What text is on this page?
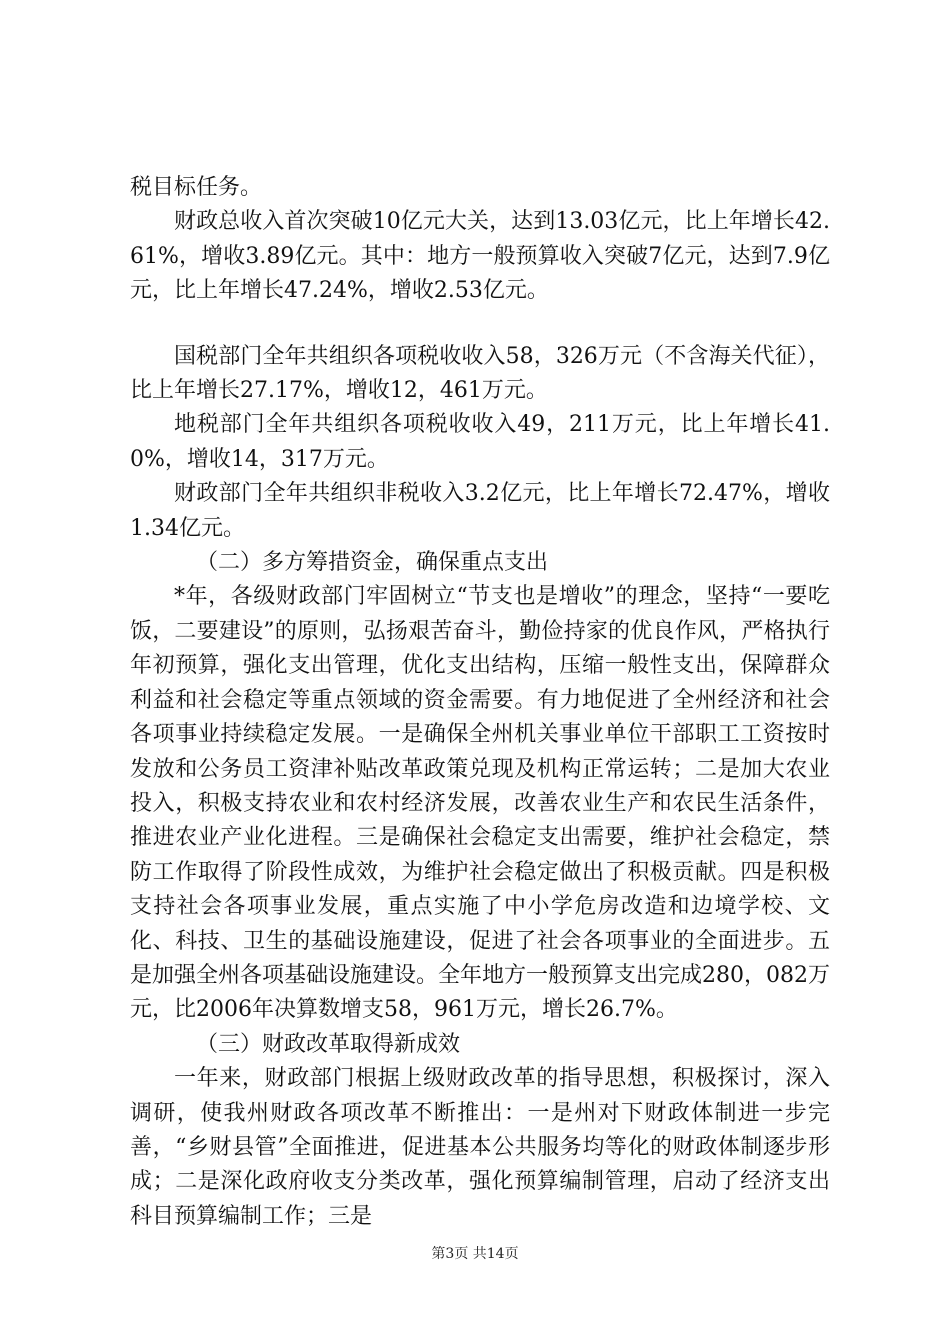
税目标任务。

财政总收入首次突破10亿元大关，达到13.03亿元，比上年增长42.61%，增收3.89亿元。其中：地方一般预算收入突破7亿元，达到7.9亿元，比上年增长47.24%，增收2.53亿元。

国税部门全年共组织各项税收收入58，326万元（不含海关代征），比上年增长27.17%，增收12，461万元。

地税部门全年共组织各项税收收入49，211万元，比上年增长41.0%，增收14，317万元。

财政部门全年共组织非税收入3.2亿元，比上年增长72.47%，增收1.34亿元。

（二）多方筹措资金，确保重点支出

*年，各级财政部门牢固树立“节支也是增收”的理念，坚持“一要吃饭，二要建设”的原则，弘扬艰苦奋斗，勤俭持家的优良作风，严格执行年初预算，强化支出管理，优化支出结构，压缩一般性支出，保障群众利益和社会稳定等重点领域的资金需要。有力地促进了全州经济和社会各项事业持续稳定发展。一是确保全州机关事业单位干部职工工资按时发放和公务员工资津补贴改革政策兑现及机构正常运转；二是加大农业投入，积极支持农业和农村经济发展，改善农业生产和农民生活条件，推进农业产业化进程。三是确保社会稳定支出需要，维护社会稳定，禁防工作取得了阶段性成效，为维护社会稳定做出了积极贡献。四是积极支持社会各项事业发展，重点实施了中小学危房改造和边境学校、文化、科技、卫生的基础设施建设，促进了社会各项事业的全面进步。五是加强全州各项基础设施建设。全年地方一般预算支出完成280，082万元，比2006年决算数增支58，961万元，增长26.7%。

（三）财政改革取得新成效

一年来，财政部门根据上级财政改革的指导思想，积极探讨，深入调研，使我州财政各项改革不断推出：一是州对下财政体制进一步完善，“乡财县管”全面推进，促进基本公共服务均等化的财政体制逐步形成；二是深化政府收支分类改革，强化预算编制管理，启动了经济支出科目预算编制工作；三是

第3页 共14页
